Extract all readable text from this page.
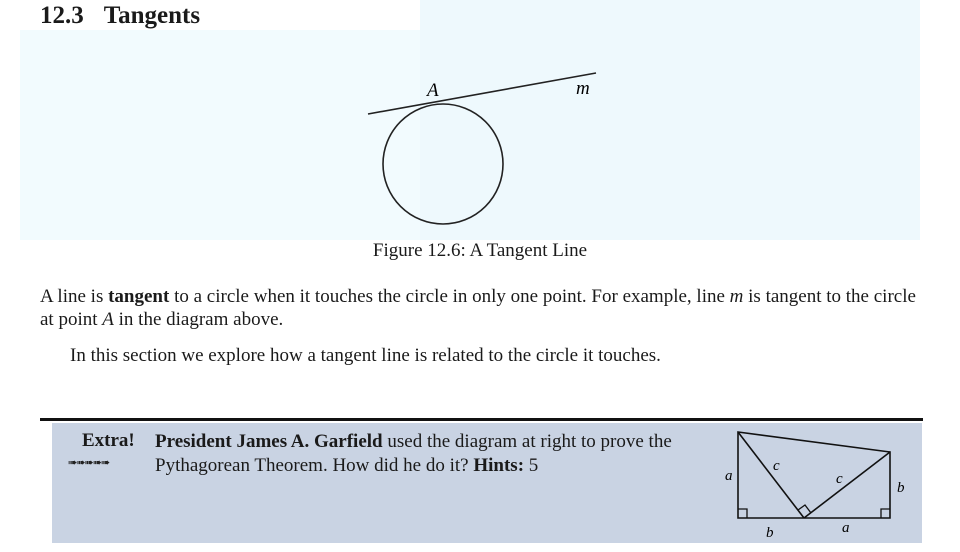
12.3 Tangents
A	m
Figure 12.6: A Tangent Line
A line is tangent to a circle when it touches the circle in only one point. For example, line m is tangent to the circle at point A in the diagram above.
In this section we explore how a tangent line is related to the circle it touches.
Extra!
➠➠➠➠➠
President James A. Garfield used the diagram at right to prove the Pythagorean Theorem. How did he do it? Hints: 5	a
c
c
b
b	a
